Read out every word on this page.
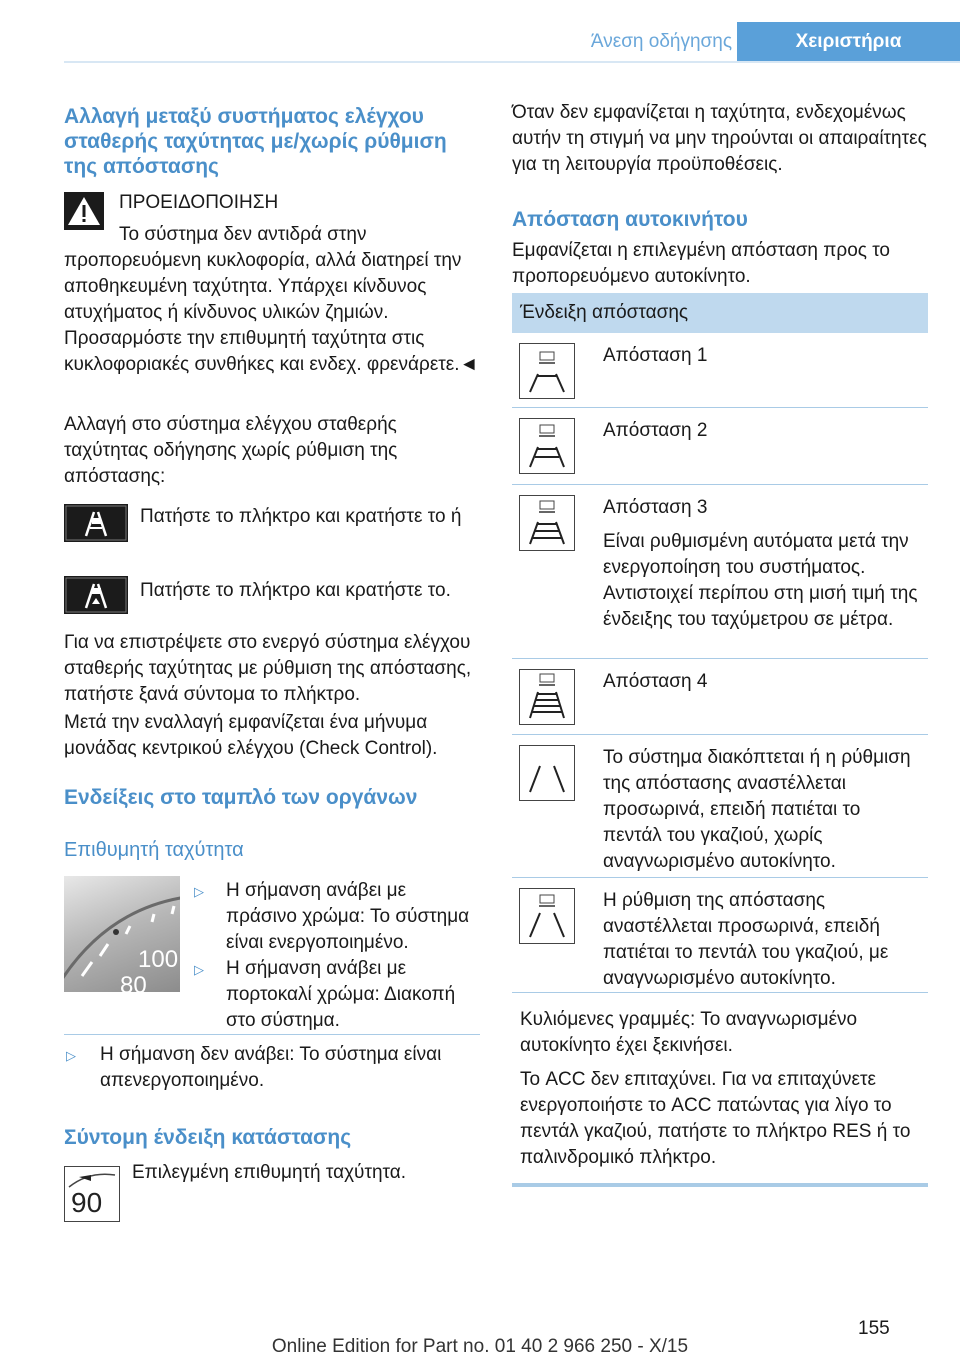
Άνεση οδήγησης	Χειριστήρια
Αλλαγή μεταξύ συστήματος ελέγχου σταθερής ταχύτητας με/χωρίς ρύθμιση της απόστασης

ΠΡΟΕΙΔΟΠΟΙΗΣΗ

Το σύστημα δεν αντιδρά στην προπορευόμενη κυκλοφορία, αλλά διατηρεί την αποθηκευμένη ταχύτητα. Υπάρχει κίνδυνος ατυχήματος ή κίνδυνος υλικών ζημιών.

Προσαρμόστε την επιθυμητή ταχύτητα στις κυκλοφοριακές συνθήκες και ενδεχ. φρενάρετε.◄

Αλλαγή στο σύστημα ελέγχου σταθερής ταχύτητας οδήγησης χωρίς ρύθμιση της απόστασης:

Πατήστε το πλήκτρο και κρατήστε το ή

Πατήστε το πλήκτρο και κρατήστε το.

Για να επιστρέψετε στο ενεργό σύστημα ελέγχου σταθερής ταχύτητας με ρύθμιση της απόστασης, πατήστε ξανά σύντομα το πλήκτρο.

Μετά την εναλλαγή εμφανίζεται ένα μήνυμα μονάδας κεντρικού ελέγχου (Check Control).

Ενδείξεις στο ταμπλό των οργάνων
Επιθυμητή ταχύτητα
100
80
▷ Η σήμανση ανάβει με πράσινο χρώμα: Το σύστημα είναι ενεργοποιημένο.

▷ Η σήμανση ανάβει με πορτοκαλί χρώμα: Διακοπή στο σύστημα.

▷ Η σήμανση δεν ανάβει: Το σύστημα είναι απενεργοποιημένο.

Σύντομη ένδειξη κατάστασης
90

Επιλεγμένη επιθυμητή ταχύτητα.

Όταν δεν εμφανίζεται η ταχύτητα, ενδεχομένως αυτήν τη στιγμή να μην τηρούνται οι απαιραίτητες για τη λειτουργία προϋποθέσεις.

Απόσταση αυτοκινήτου

Εμφανίζεται η επιλεγμένη απόσταση προς το προπορευόμενο αυτοκίνητο.

Ένδειξη απόστασης

Απόσταση 1

Απόσταση 2

Απόσταση 3

Είναι ρυθμισμένη αυτόματα μετά την ενεργοποίηση του συστήματος. Αντιστοιχεί περίπου στη μισή τιμή της ένδειξης του ταχύμετρου σε μέτρα.

Απόσταση 4

Το σύστημα διακόπτεται ή η ρύθμιση της απόστασης αναστέλλεται προσωρινά, επειδή πατιέται το πεντάλ του γκαζιού, χωρίς αναγνωρισμένο αυτοκίνητο.

Η ρύθμιση της απόστασης αναστέλλεται προσωρινά, επειδή πατιέται το πεντάλ του γκαζιού, με αναγνωρισμένο αυτοκίνητο.

Κυλιόμενες γραμμές: Το αναγνωρισμένο αυτοκίνητο έχει ξεκινήσει.

Το ACC δεν επιταχύνει. Για να επιταχύνετε ενεργοποιήστε το ACC πατώντας για λίγο το πεντάλ γκαζιού, πατήστε το πλήκτρο RES ή το παλινδρομικό πλήκτρο.

155
Online Edition for Part no. 01 40 2 966 250 - X/15
